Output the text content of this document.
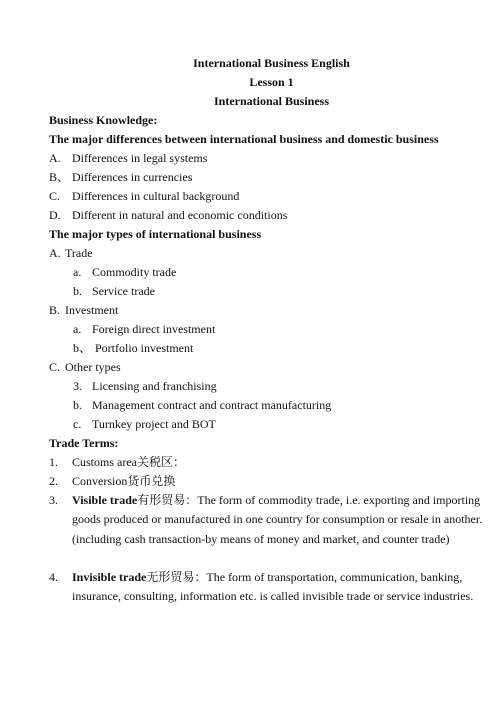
International Business English
Lesson 1
International Business
Business Knowledge:
The major differences between international business and domestic business
A. Differences in legal systems
B、 Differences in currencies
C. Differences in cultural background
D. Different in natural and economic conditions
The major types of international business
A. Trade
a. Commodity trade
b. Service trade
B. Investment
a. Foreign direct investment
b、 Portfolio investment
C. Other types
3. Licensing and franchising
b. Management contract and contract manufacturing
c. Turnkey project and BOT
Trade Terms:
1. Customs area关税区：
2. Conversion货币兑换
3. Visible trade有形贸易：The form of commodity trade, i.e. exporting and importing goods produced or manufactured in one country for consumption or resale in another. (including cash transaction-by means of money and market, and counter trade)
4. Invisible trade无形贸易：The form of transportation, communication, banking, insurance, consulting, information etc. is called invisible trade or service industries.
